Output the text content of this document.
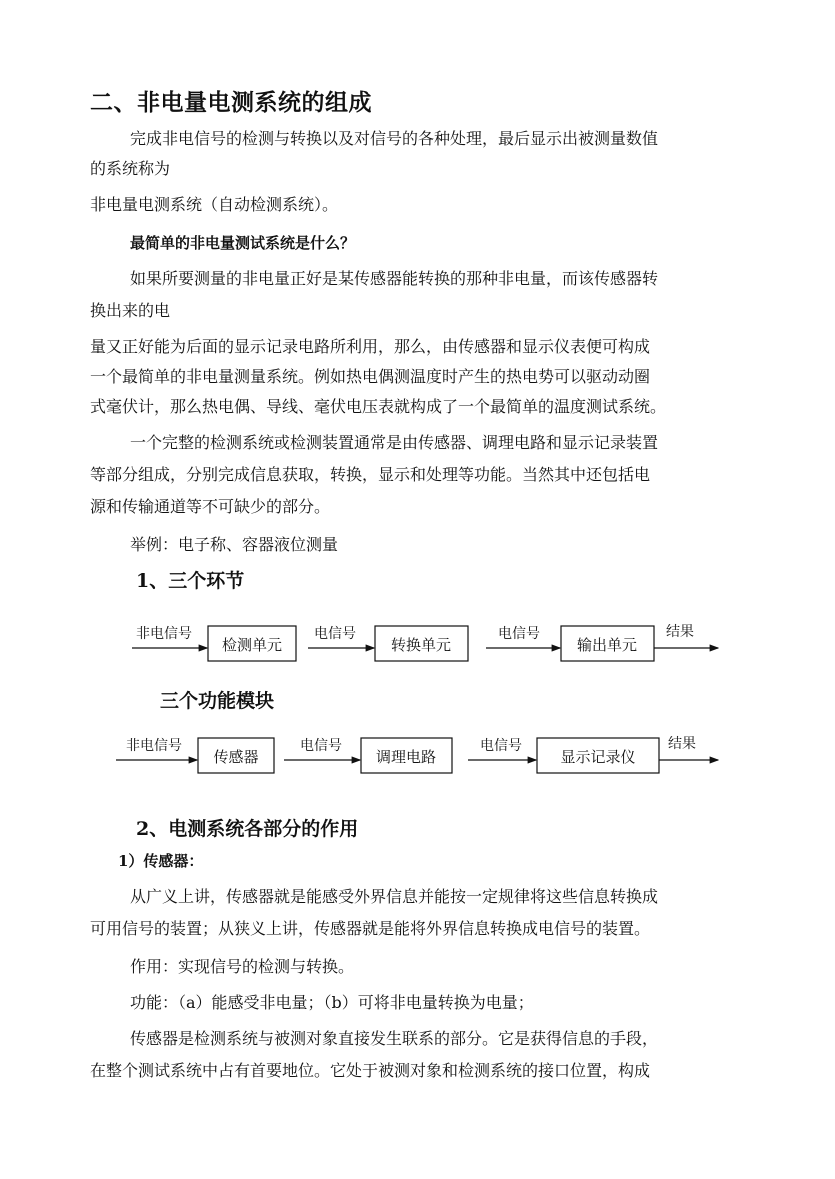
二、非电量电测系统的组成
完成非电信号的检测与转换以及对信号的各种处理，最后显示出被测量数值
的系统称为
非电量电测系统（自动检测系统）。
最简单的非电量测试系统是什么？
如果所要测量的非电量正好是某传感器能转换的那种非电量，而该传感器转
换出来的电
量又正好能为后面的显示记录电路所利用，那么，由传感器和显示仪表便可构成
一个最简单的非电量测量系统。例如热电偶测温度时产生的热电势可以驱动动圈
式毫伏计，那么热电偶、导线、毫伏电压表就构成了一个最简单的温度测试系统。
一个完整的检测系统或检测装置通常是由传感器、调理电路和显示记录装置
等部分组成，分别完成信息获取，转换，显示和处理等功能。当然其中还包括电
源和传输通道等不可缺少的部分。
举例：电子称、容器液位测量
1、三个环节
非电信号
检测单元
电信号
转换单元
电信号
输出单元
结果
三个功能模块
非电信号
传感器
电信号
调理电路
电信号
显示记录仪
结果
2、电测系统各部分的作用
1）传感器：
从广义上讲，传感器就是能感受外界信息并能按一定规律将这些信息转换成
可用信号的装置；从狭义上讲，传感器就是能将外界信息转换成电信号的装置。
作用：实现信号的检测与转换。
功能：（a）能感受非电量；（b）可将非电量转换为电量；
传感器是检测系统与被测对象直接发生联系的部分。它是获得信息的手段，
在整个测试系统中占有首要地位。它处于被测对象和检测系统的接口位置，构成
